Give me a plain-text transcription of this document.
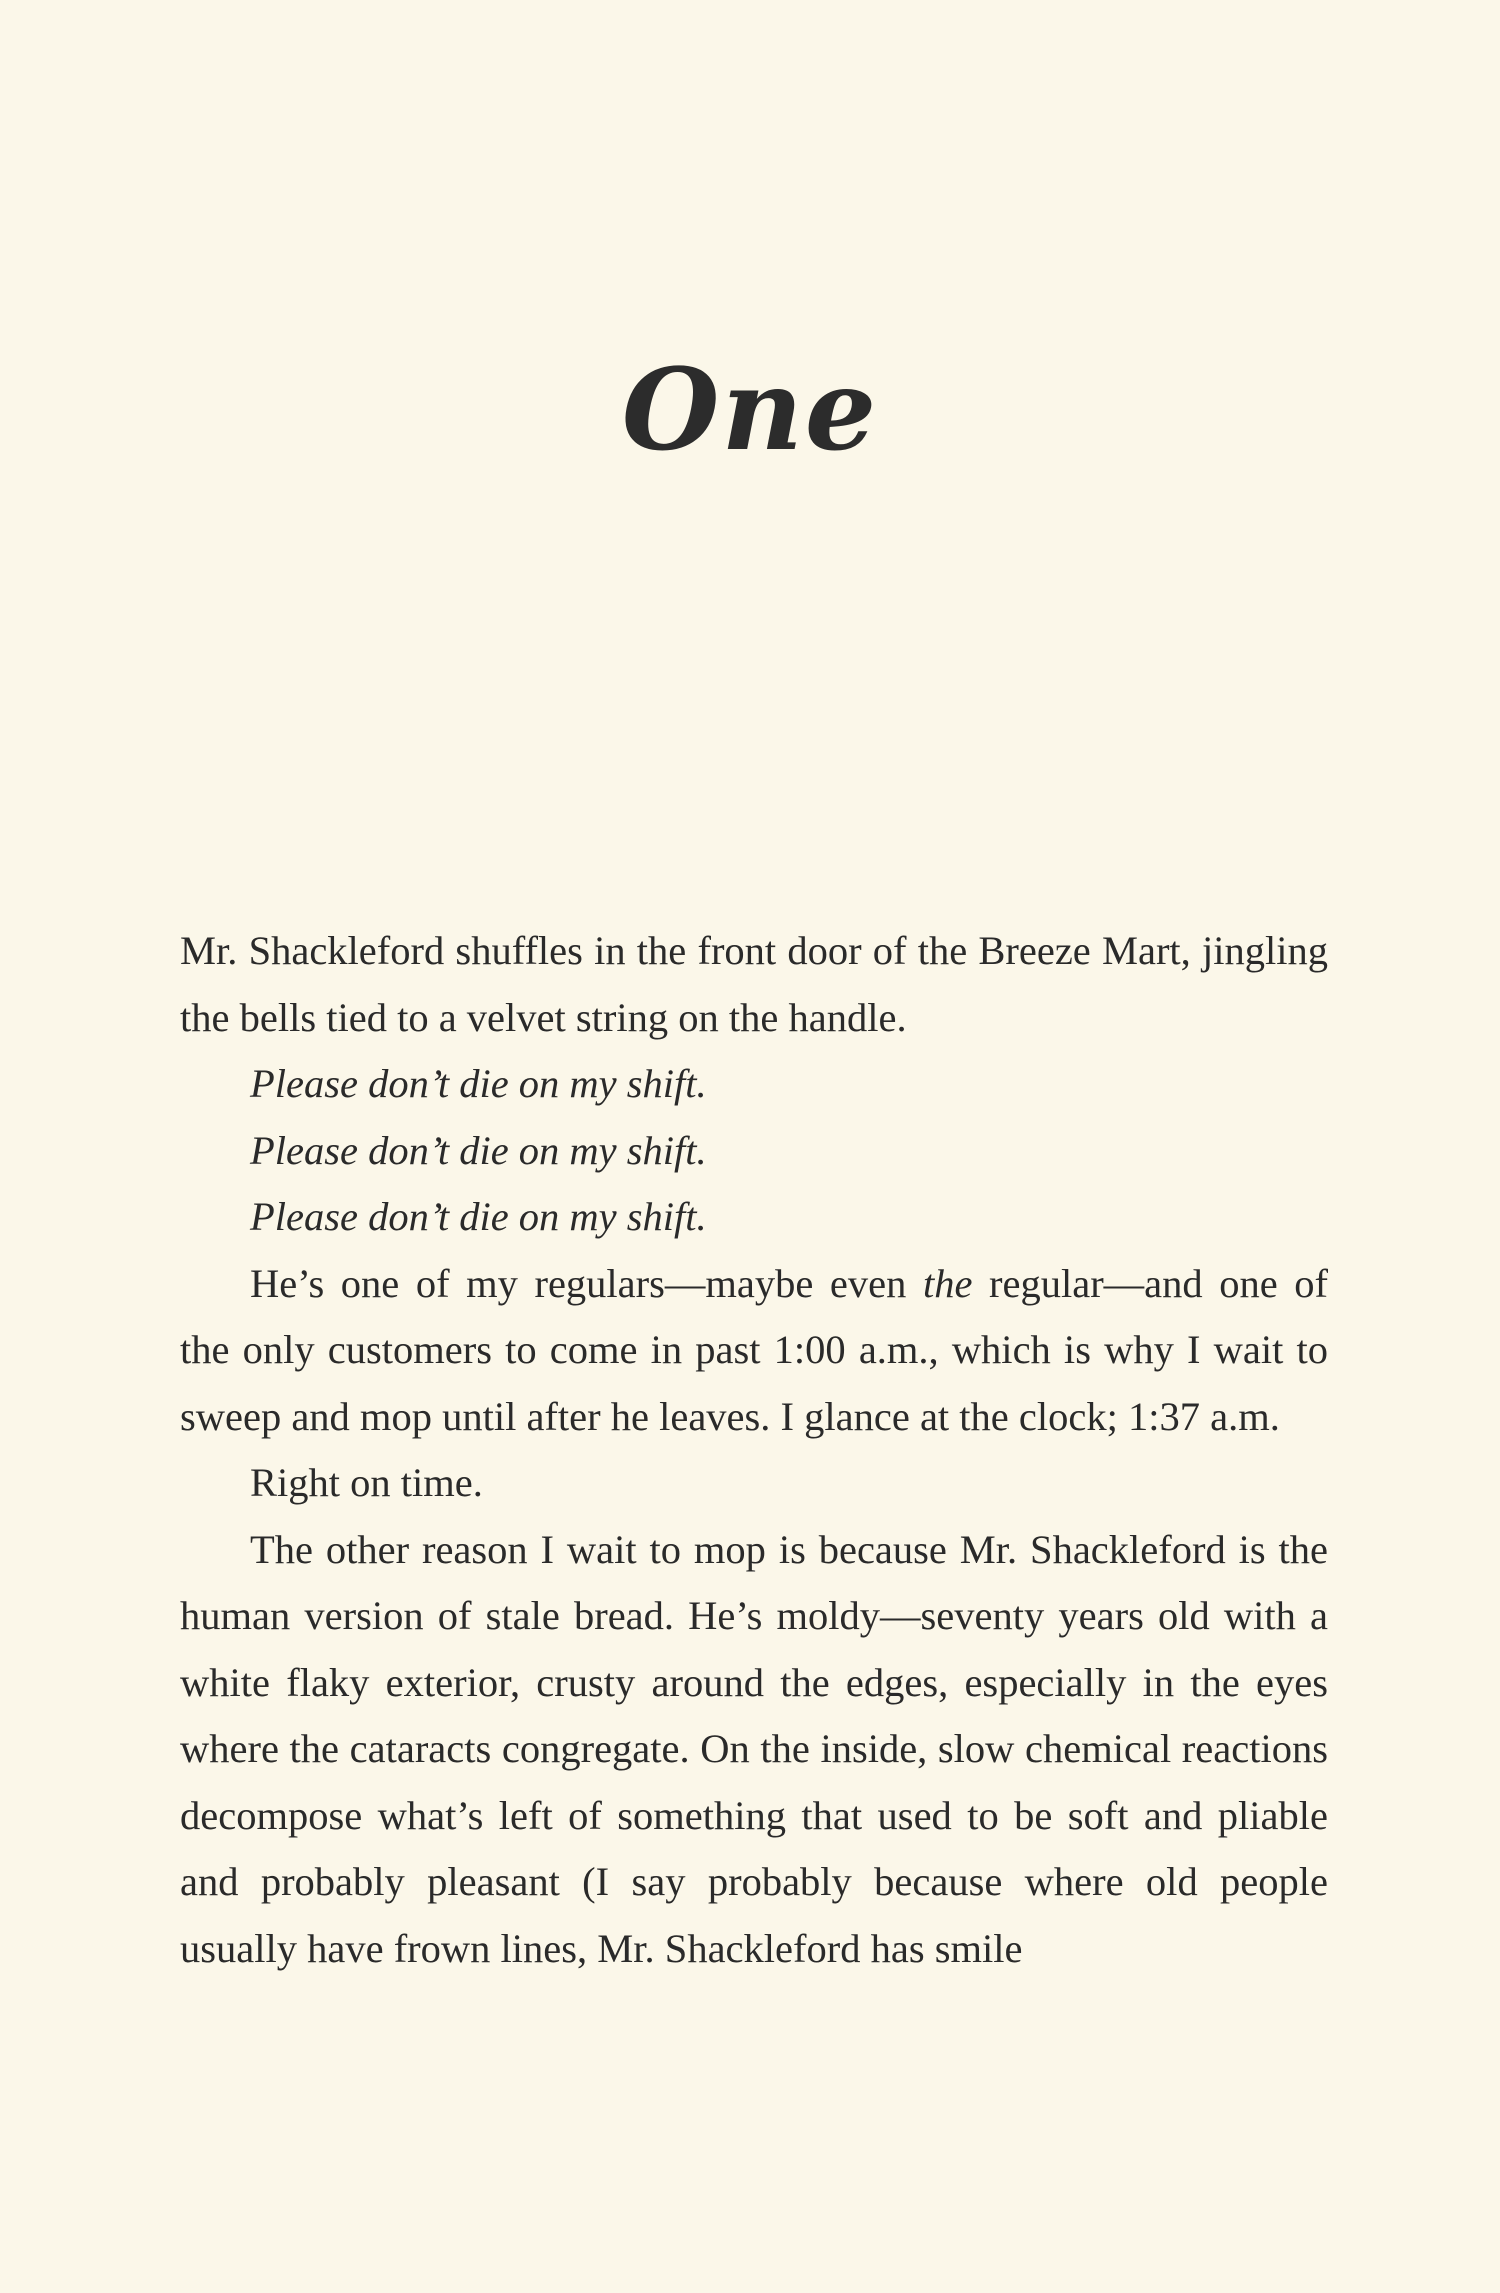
One

Mr. Shackleford shuffles in the front door of the Breeze Mart, jingling the bells tied to a velvet string on the handle.

Please don’t die on my shift.

Please don’t die on my shift.

Please don’t die on my shift.

He’s one of my regulars—maybe even the regular—and one of the only customers to come in past 1:00 a.m., which is why I wait to sweep and mop until after he leaves. I glance at the clock; 1:37 a.m.

Right on time.

The other reason I wait to mop is because Mr. Shackleford is the human version of stale bread. He’s moldy—seventy years old with a white flaky exterior, crusty around the edges, especially in the eyes where the cataracts congregate. On the inside, slow chemical reactions decompose what’s left of something that used to be soft and pliable and probably pleasant (I say probably because where old people usually have frown lines, Mr. Shackleford has smile
